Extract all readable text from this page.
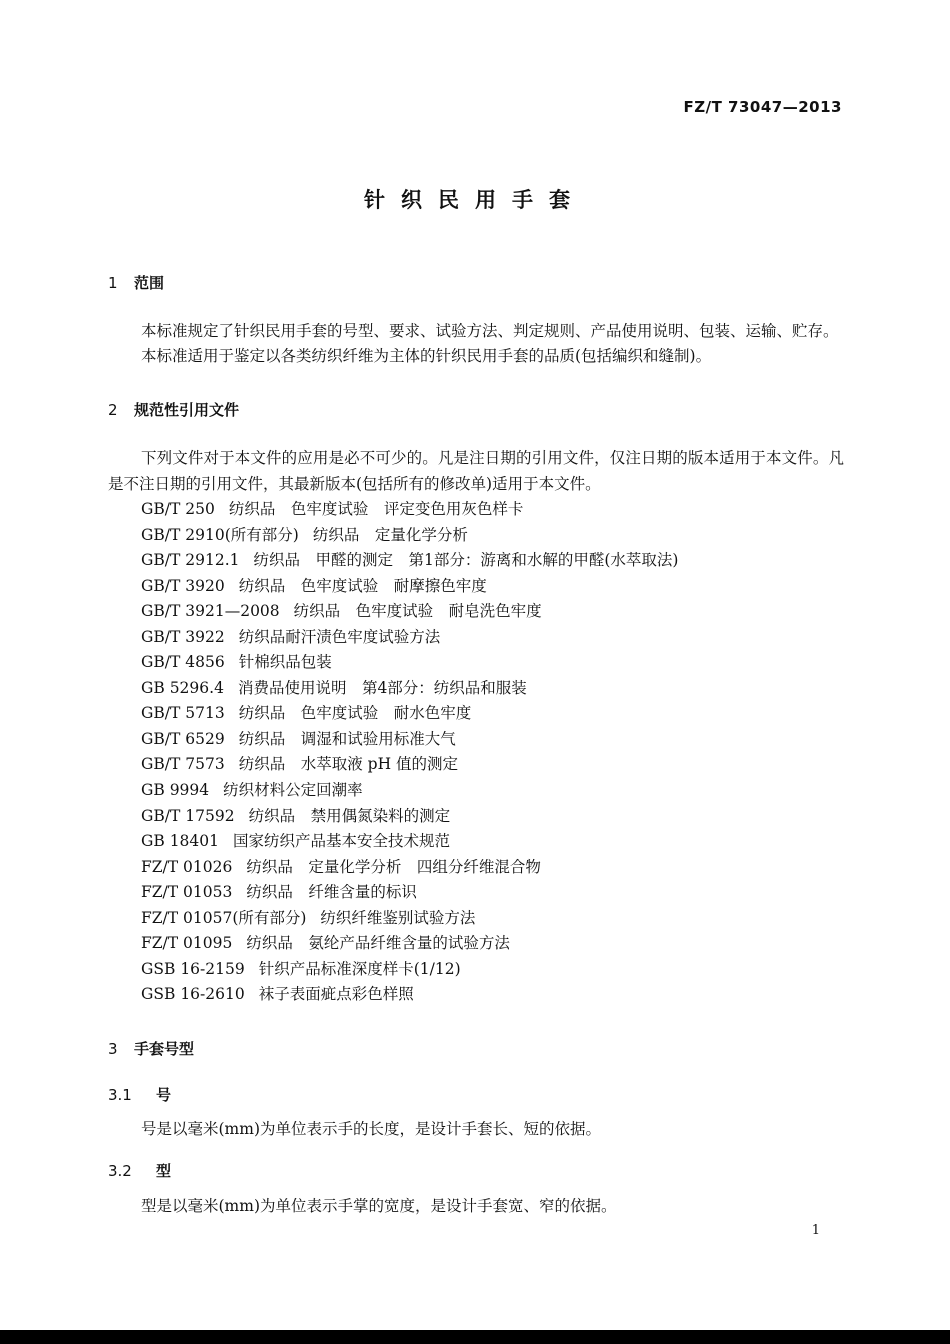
FZ/T 73047—2013
针织民用手套
1 范围

本标准规定了针织民用手套的号型、要求、试验方法、判定规则、产品使用说明、包装、运输、贮存。

本标准适用于鉴定以各类纺织纤维为主体的针织民用手套的品质(包括编织和缝制)。

2 规范性引用文件

下列文件对于本文件的应用是必不可少的。凡是注日期的引用文件，仅注日期的版本适用于本文件。凡是不注日期的引用文件，其最新版本(包括所有的修改单)适用于本文件。

GB/T 250 纺织品　色牢度试验　评定变色用灰色样卡
GB/T 2910(所有部分) 纺织品　定量化学分析
GB/T 2912.1 纺织品　甲醛的测定　第1部分：游离和水解的甲醛(水萃取法)
GB/T 3920 纺织品　色牢度试验　耐摩擦色牢度
GB/T 3921—2008 纺织品　色牢度试验　耐皂洗色牢度
GB/T 3922 纺织品耐汗渍色牢度试验方法
GB/T 4856 针棉织品包装
GB 5296.4 消费品使用说明　第4部分：纺织品和服装
GB/T 5713 纺织品　色牢度试验　耐水色牢度
GB/T 6529 纺织品　调湿和试验用标准大气
GB/T 7573 纺织品　水萃取液 pH 值的测定
GB 9994 纺织材料公定回潮率
GB/T 17592 纺织品　禁用偶氮染料的测定
GB 18401 国家纺织产品基本安全技术规范
FZ/T 01026 纺织品　定量化学分析　四组分纤维混合物
FZ/T 01053 纺织品　纤维含量的标识
FZ/T 01057(所有部分) 纺织纤维鉴别试验方法
FZ/T 01095 纺织品　氨纶产品纤维含量的试验方法
GSB 16-2159 针织产品标准深度样卡(1/12)
GSB 16-2610 袜子表面疵点彩色样照
3 手套号型
3.1 号

号是以毫米(mm)为单位表示手的长度，是设计手套长、短的依据。

3.2 型

型是以毫米(mm)为单位表示手掌的宽度，是设计手套宽、窄的依据。

1
